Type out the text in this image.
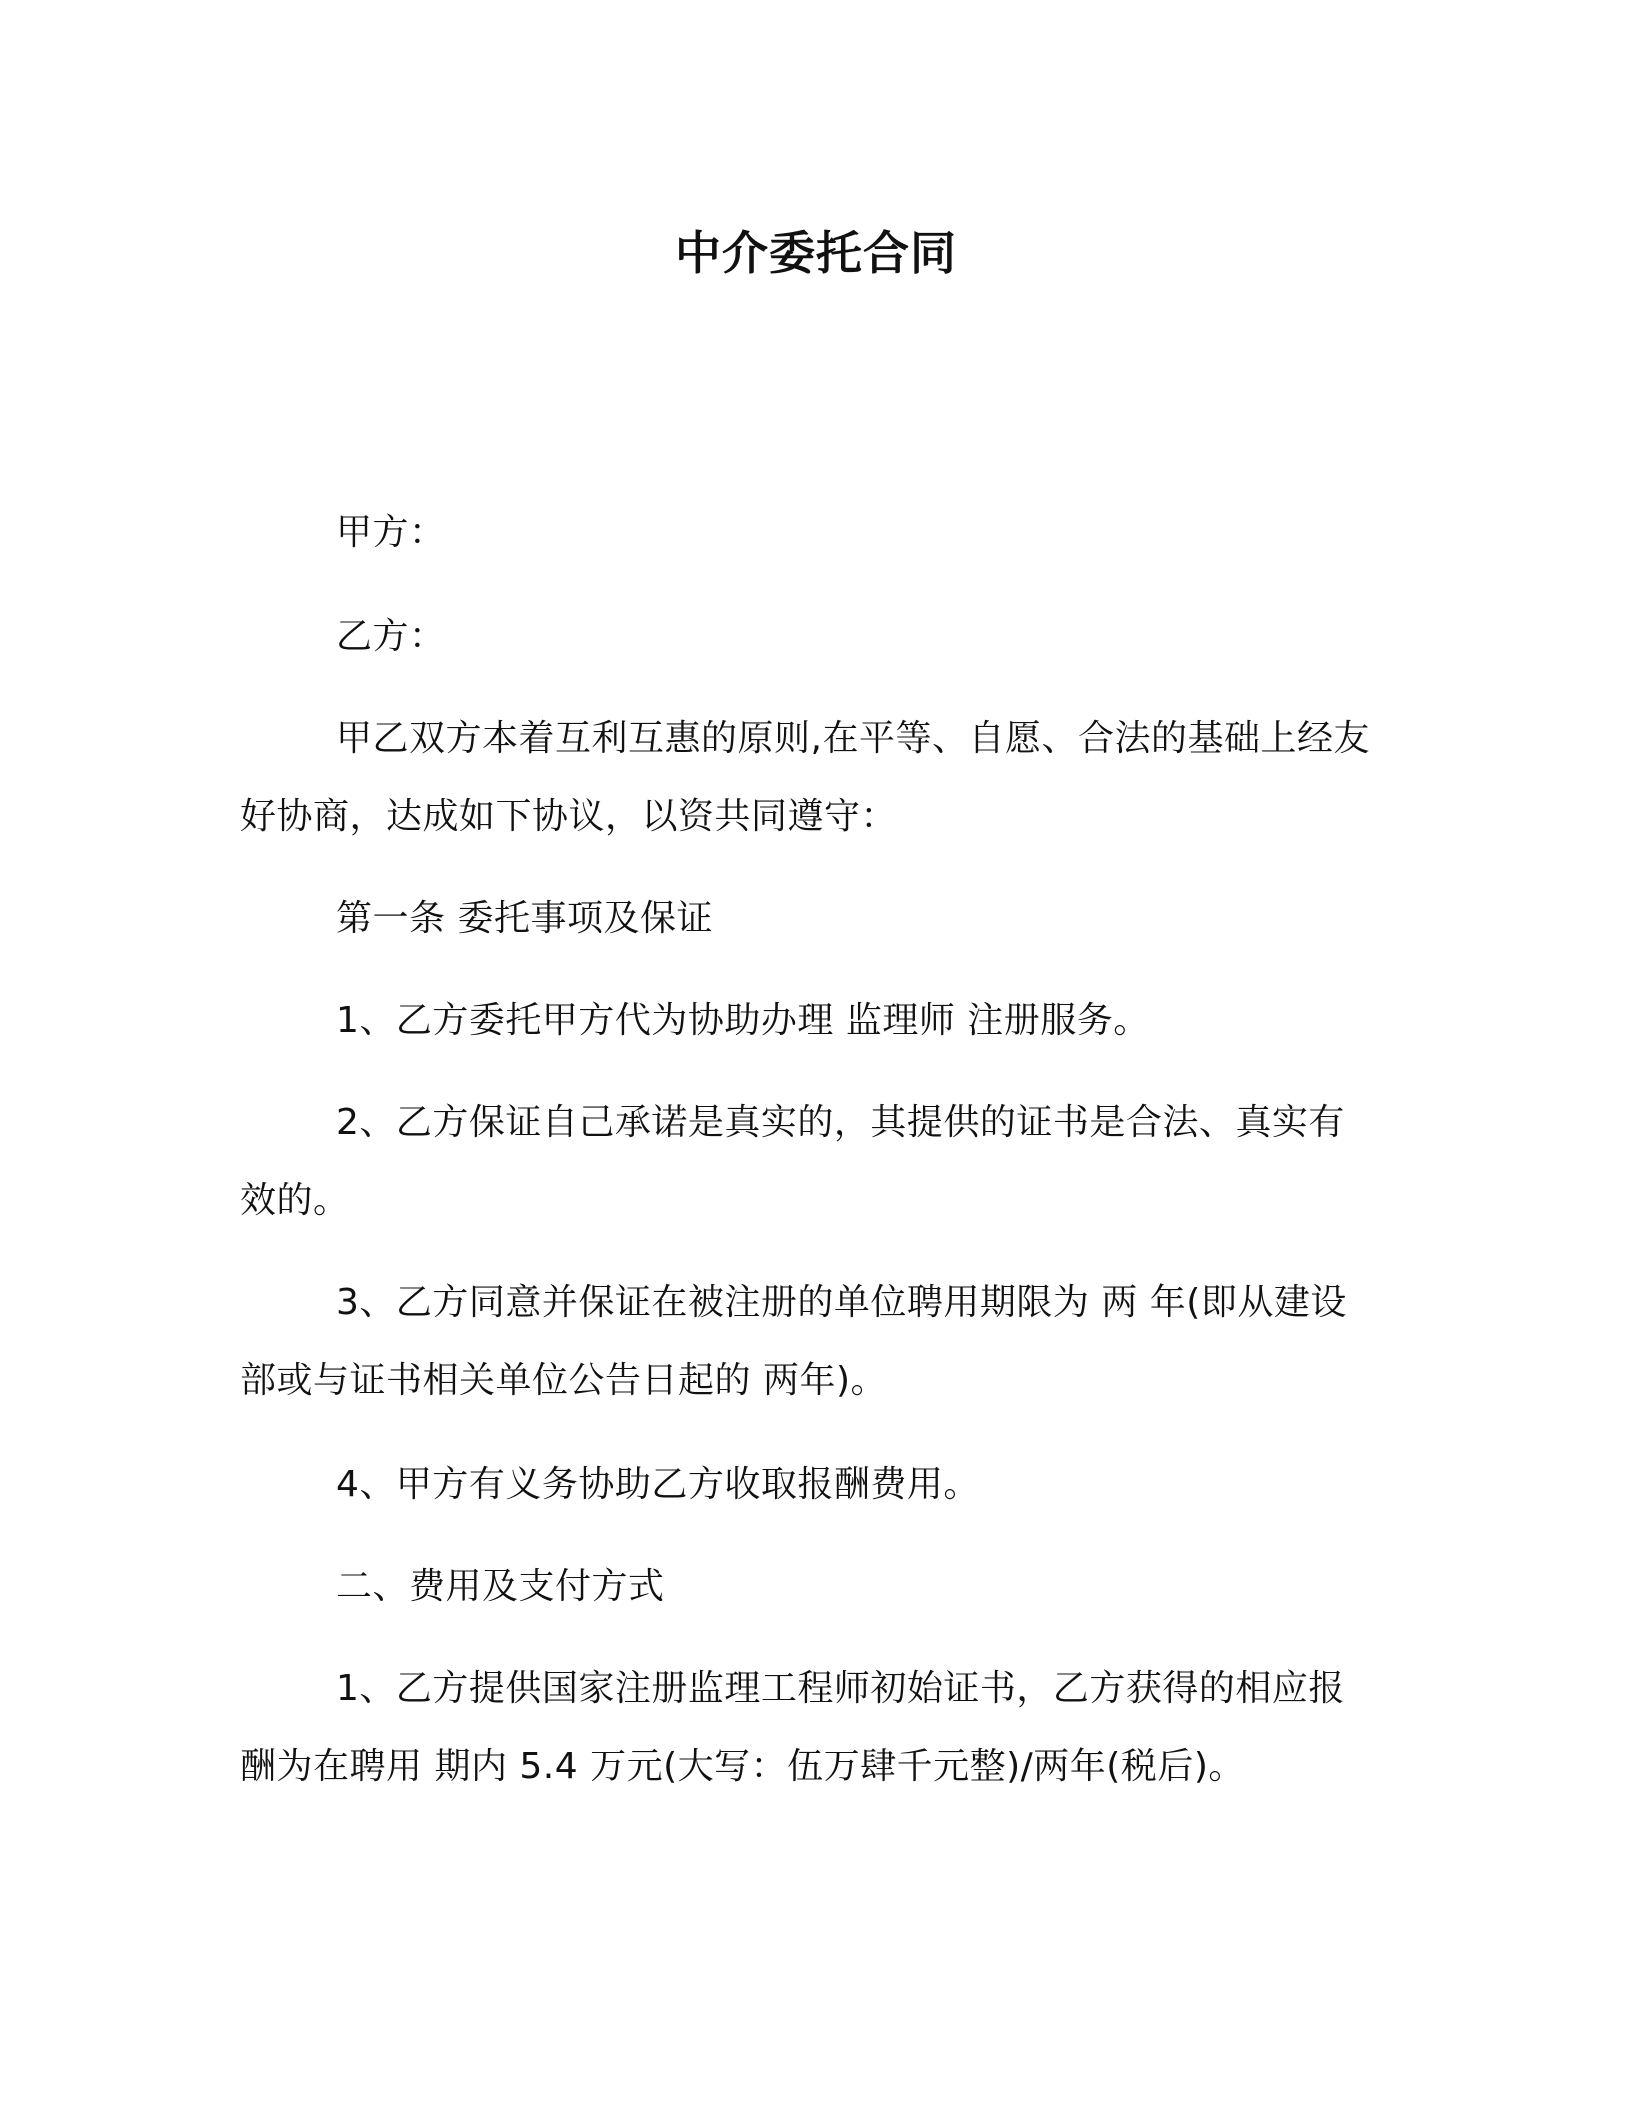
中介委托合同

甲方：

乙方：

甲乙双方本着互利互惠的原则,在平等、自愿、合法的基础上经友好协商，达成如下协议，以资共同遵守：

第一条 委托事项及保证

1、乙方委托甲方代为协助办理 监理师 注册服务。

2、乙方保证自己承诺是真实的，其提供的证书是合法、真实有效的。

3、乙方同意并保证在被注册的单位聘用期限为 两 年(即从建设部或与证书相关单位公告日起的 两年)。

4、甲方有义务协助乙方收取报酬费用。

二、费用及支付方式

1、乙方提供国家注册监理工程师初始证书，乙方获得的相应报酬为在聘用 期内 5.4 万元(大写：伍万肆千元整)/两年(税后)。
